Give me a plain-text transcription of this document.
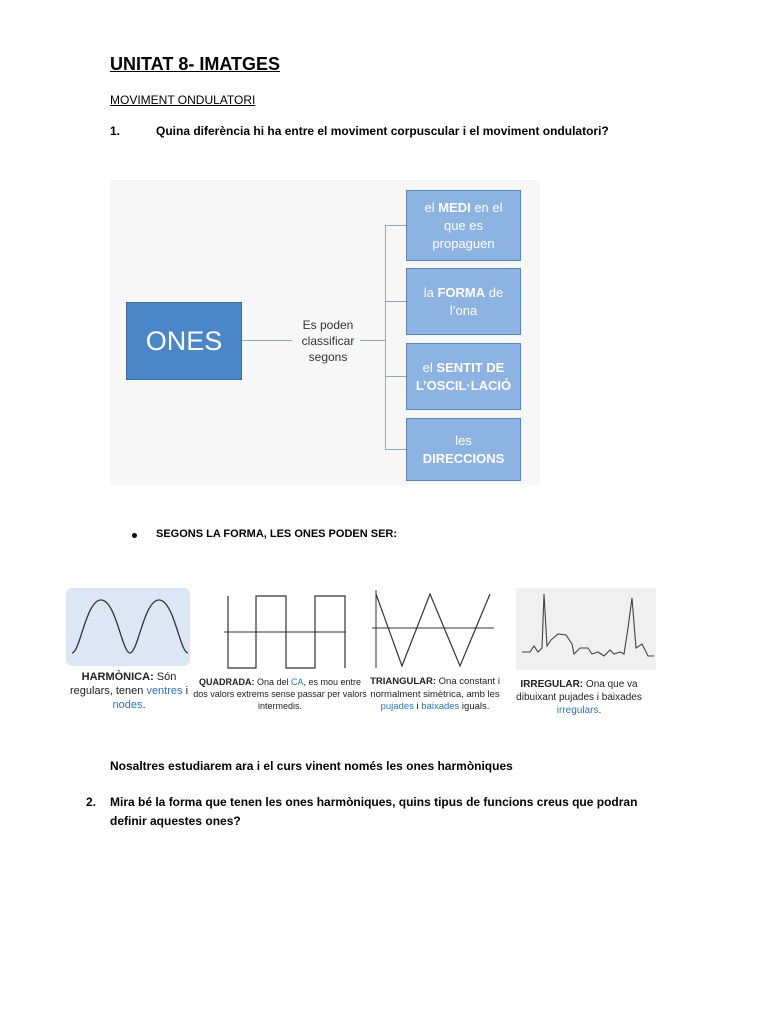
UNITAT 8- IMATGES
MOVIMENT ONDULATORI
1.	Quina diferència hi ha entre el moviment corpuscular i el moviment ondulatori?
ONES
Es poden classificar segons
el MEDI en el que es propaguen
la FORMA de l’ona
el SENTIT DE L’OSCIL·LACIÓ
les DIRECCIONS
SEGONS LA FORMA, LES ONES PODEN SER:
HARMÒNICA: Són regulars, tenen ventres i nodes.
QUADRADA: Ona del CA, es mou entre dos valors extrems sense passar per valors intermedis.
TRIANGULAR: Ona constant i normalment simètrica, amb les pujades i baixades iguals.
IRREGULAR: Ona que va dibuixant pujades i baixades irregulars.
Nosaltres estudiarem ara i el curs vinent només les ones harmòniques
2. Mira bé la forma que tenen les ones harmòniques, quins tipus de funcions creus que podran definir aquestes ones?
